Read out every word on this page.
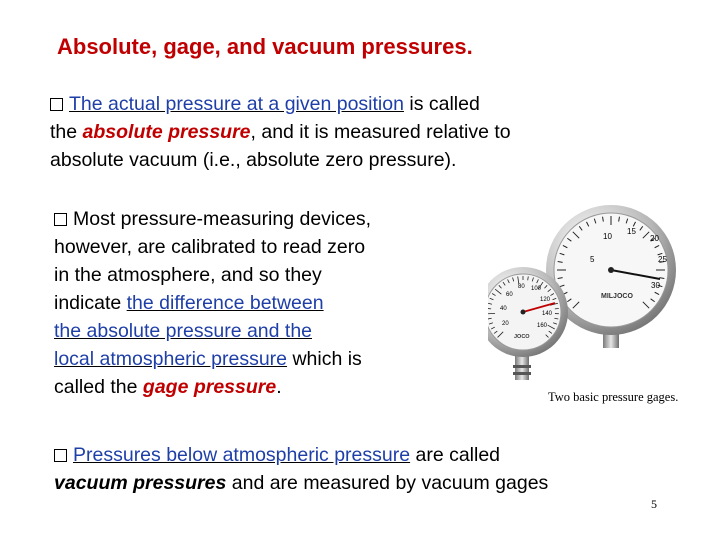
Absolute, gage, and vacuum pressures.
The actual pressure at a given position is called
the absolute pressure, and it is measured relative to
absolute vacuum (i.e., absolute zero pressure).
Most pressure-measuring devices,
however, are calibrated to read zero
in the atmosphere, and so they
indicate the difference between
the absolute pressure and the
local atmospheric pressure which is
called the gage pressure.
10
15
20
25
30
5
MILJOCO
20
40
60
80 100
120
140
160
JOCO
Two basic pressure gages.
Pressures below atmospheric pressure are called
vacuum pressures and are measured by vacuum gages
5
